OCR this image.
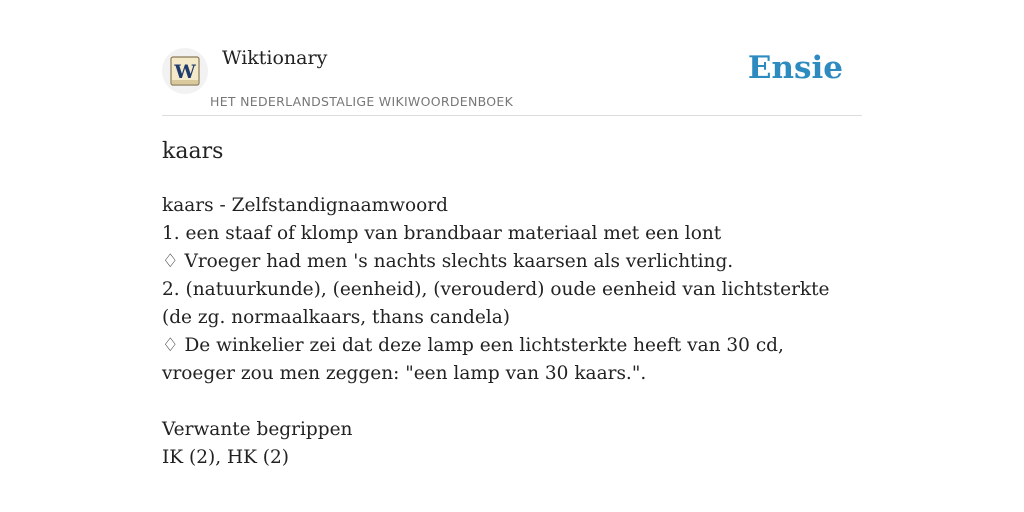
W
Wiktionary
HET NEDERLANDSTALIGE WIKIWOORDENBOEK
Ensie
kaars
kaars - Zelfstandignaamwoord
1. een staaf of klomp van brandbaar materiaal met een lont
♢ Vroeger had men 's nachts slechts kaarsen als verlichting.
2. (natuurkunde), (eenheid), (verouderd) oude eenheid van lichtsterkte (de zg. normaalkaars, thans candela)
♢ De winkelier zei dat deze lamp een lichtsterkte heeft van 30 cd, vroeger zou men zeggen: "een lamp van 30 kaars.".
Verwante begrippen
IK (2), HK (2)
